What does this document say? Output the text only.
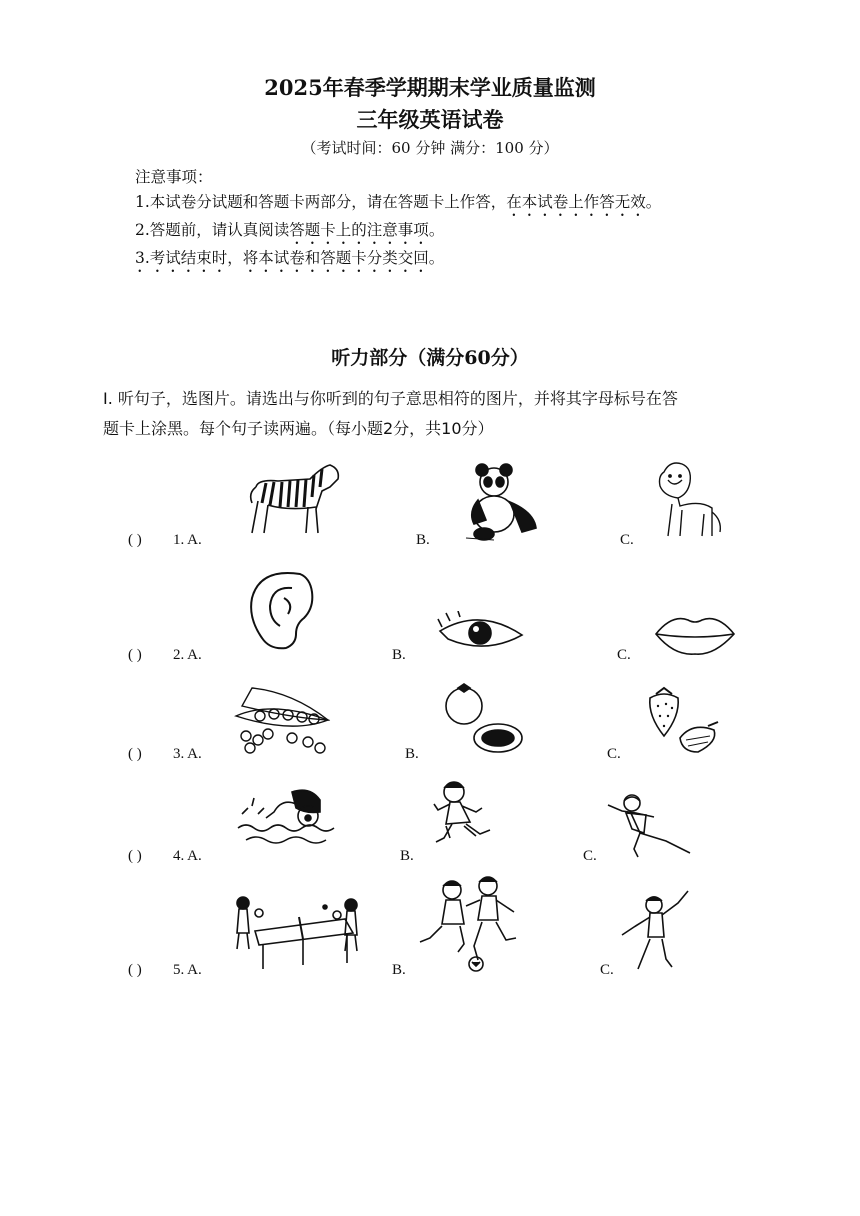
2025年春季学期期末学业质量监测
三年级英语试卷
（考试时间：60 分钟 满分：100 分）
注意事项：
1.本试卷分试题和答题卡两部分，请在答题卡上作答，在本试卷上作答无效。
2.答题前，请认真阅读答题卡上的注意事项。
3.考试结束时，将本试卷和答题卡分类交回。
听力部分（满分60分）
I. 听句子，选图片。请选出与你听到的句子意思相符的图片，并将其字母标号在答
题卡上涂黑。每个句子读两遍。（每小题2分，共10分）
( ) 1. A.	B.	C.
( ) 2. A.	B.	C.
( ) 3. A.	B.	C.
( ) 4. A.	B.	C.
( ) 5. A.	B.	C.
